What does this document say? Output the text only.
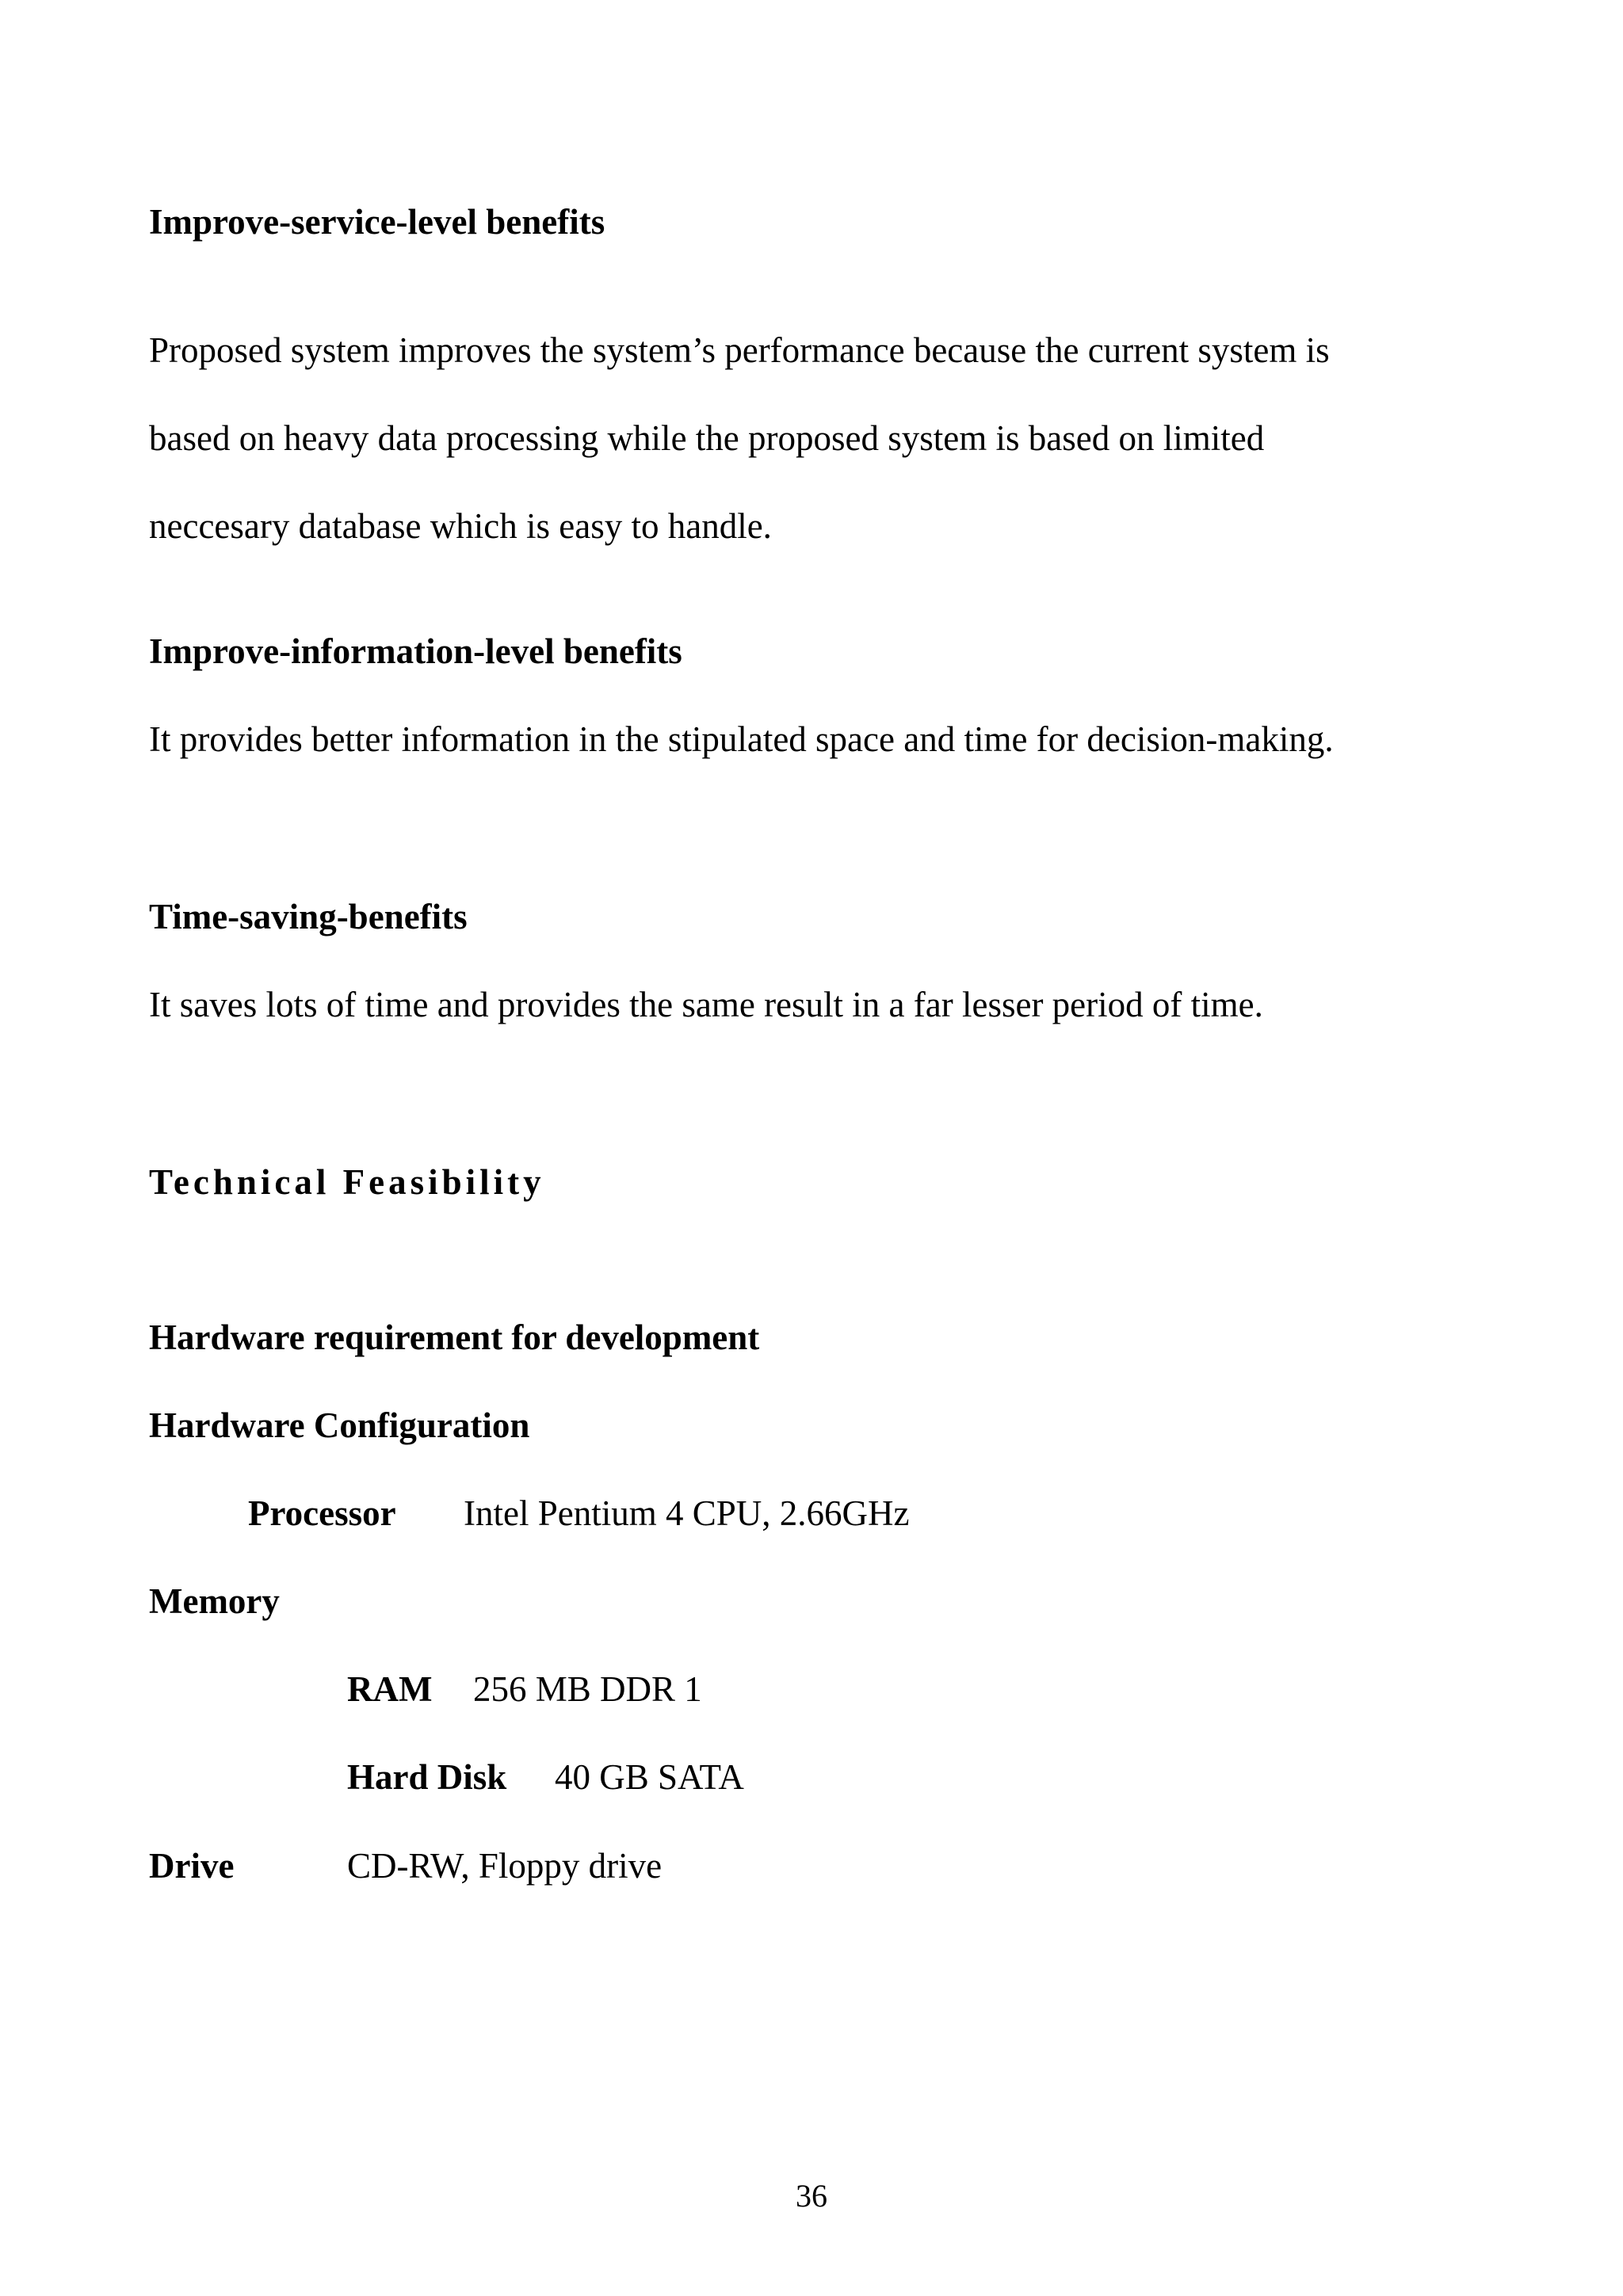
Improve-service-level benefits
Proposed system improves the system’s performance because the current system is
based on heavy data processing while the proposed system is based on limited
neccesary database which is easy to handle.
Improve-information-level benefits
It provides better information in the stipulated space and time for decision-making.
Time-saving-benefits
It saves lots of time and provides the same result in a far lesser period of time.
Technical Feasibility
Hardware requirement for development
Hardware Configuration
Processor Intel Pentium 4 CPU, 2.66GHz
Memory
RAM 256 MB DDR 1
Hard Disk 40 GB SATA
Drive	CD-RW, Floppy drive
36
